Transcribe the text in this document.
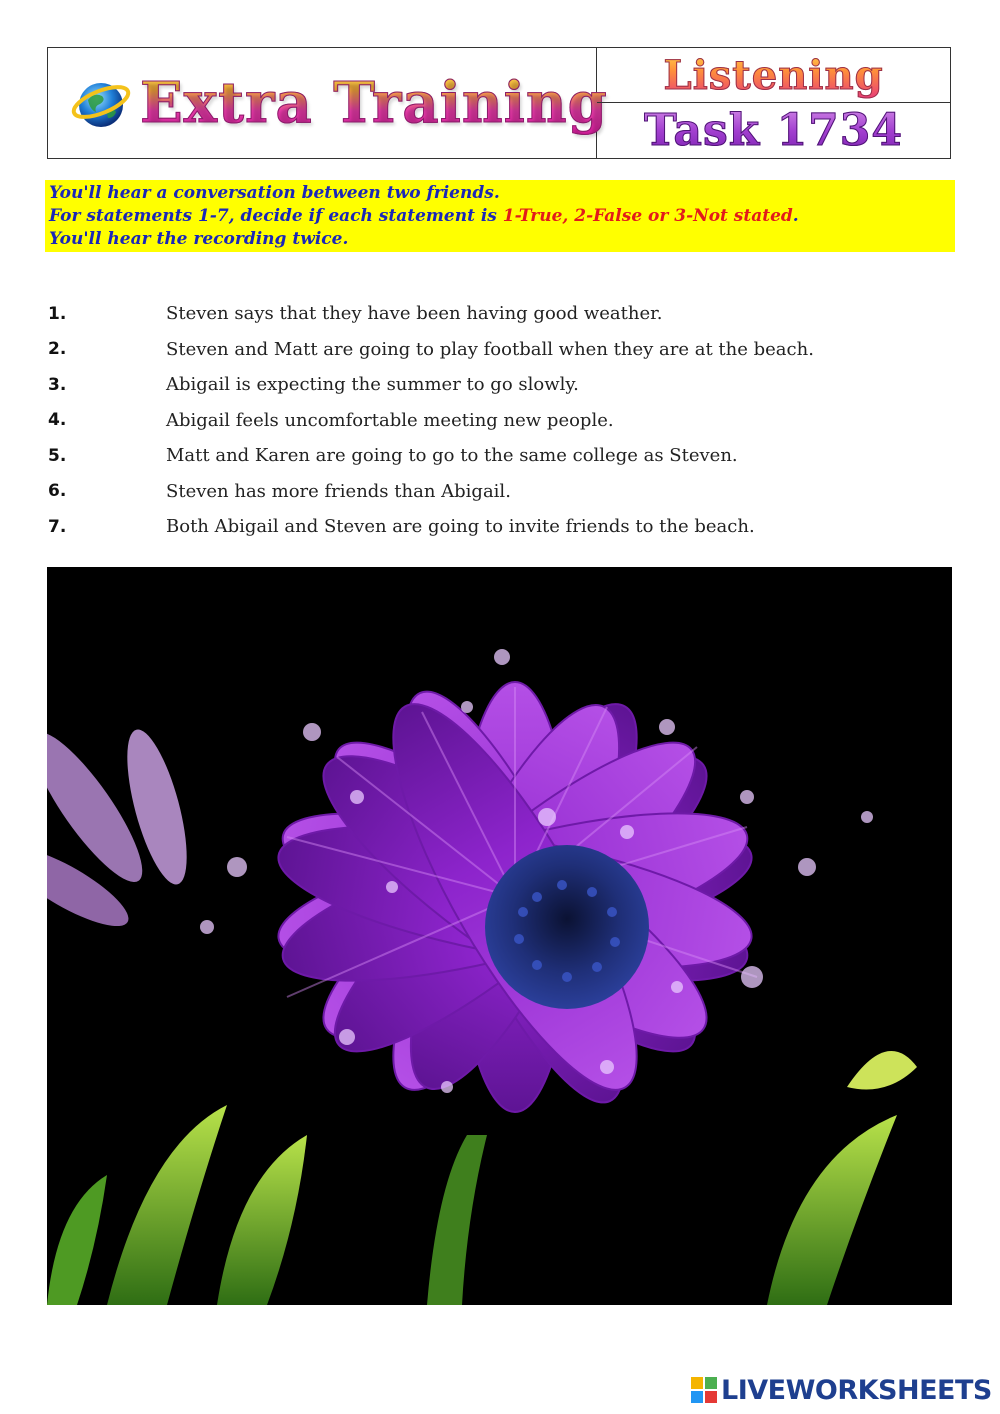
Extra Training Listening
Task 1734
You'll hear a conversation between two friends.
For statements 1-7, decide if each statement is 1-True, 2-False or 3-Not stated.
You'll hear the recording twice.
1.	Steven says that they have been having good weather.
2.	Steven and Matt are going to play football when they are at the beach.
3.	Abigail is expecting the summer to go slowly.
4.	Abigail feels uncomfortable meeting new people.
5.	Matt and Karen are going to go to the same college as Steven.
6.	Steven has more friends than Abigail.
7.	Both Abigail and Steven are going to invite friends to the beach.
LIVEWORKSHEETS
